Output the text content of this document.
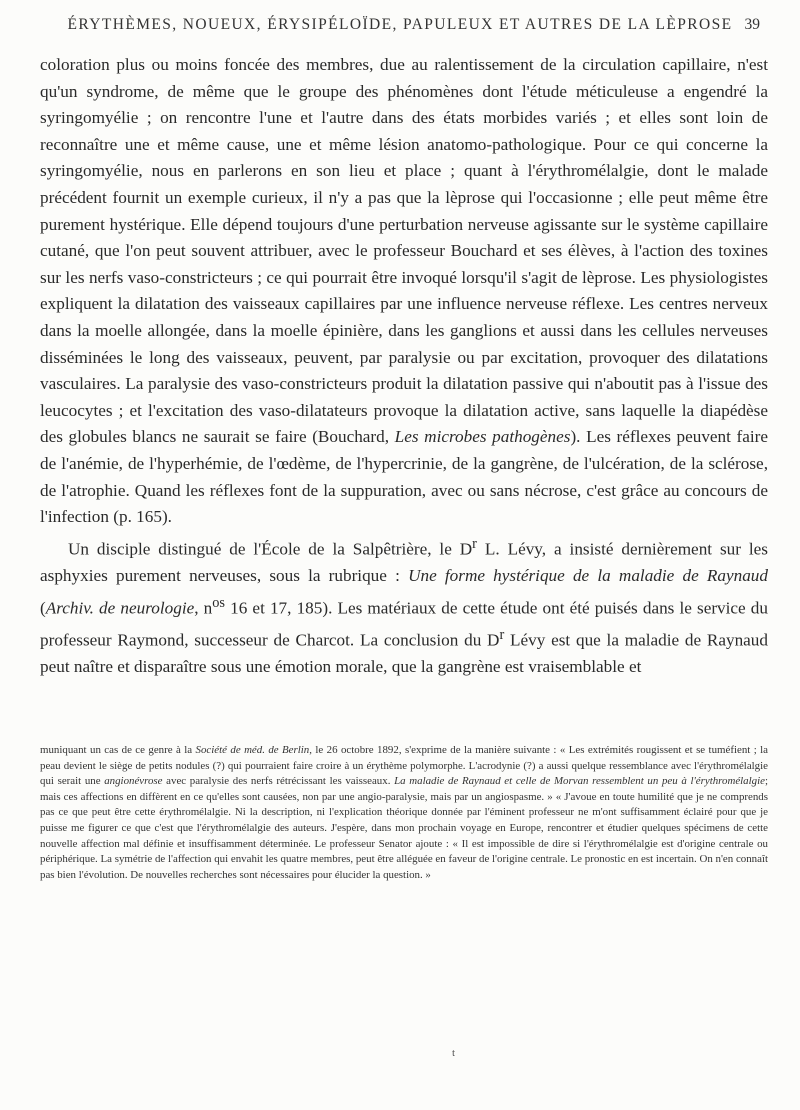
ÉRYTHÈMES, NOUEUX, ÉRYSIPÉLOÏDE, PAPULEUX ET AUTRES DE LA LÈPROSE 39

coloration plus ou moins foncée des membres, due au ralentissement de la circulation capillaire, n'est qu'un syndrome, de même que le groupe des phénomènes dont l'étude méticuleuse a engendré la syringomyélie ; on rencontre l'une et l'autre dans des états morbides variés ; et elles sont loin de reconnaître une et même cause, une et même lésion anatomo-pathologique. Pour ce qui concerne la syringomyélie, nous en parlerons en son lieu et place ; quant à l'érythromélalgie, dont le malade précédent fournit un exemple curieux, il n'y a pas que la lèprose qui l'occasionne ; elle peut même être purement hystérique. Elle dépend toujours d'une perturbation nerveuse agissante sur le système capillaire cutané, que l'on peut souvent attribuer, avec le professeur Bouchard et ses élèves, à l'action des toxines sur les nerfs vaso-constricteurs ; ce qui pourrait être invoqué lorsqu'il s'agit de lèprose. Les physiologistes expliquent la dilatation des vaisseaux capillaires par une influence nerveuse réflexe. Les centres nerveux dans la moelle allongée, dans la moelle épinière, dans les ganglions et aussi dans les cellules nerveuses disséminées le long des vaisseaux, peuvent, par paralysie ou par excitation, provoquer des dilatations vasculaires. La paralysie des vaso-constricteurs produit la dilatation passive qui n'aboutit pas à l'issue des leucocytes ; et l'excitation des vaso-dilatateurs provoque la dilatation active, sans laquelle la diapédèse des globules blancs ne saurait se faire (Bouchard, Les microbes pathogènes). Les réflexes peuvent faire de l'anémie, de l'hyperhémie, de l'œdème, de l'hypercrinie, de la gangrène, de l'ulcération, de la sclérose, de l'atrophie. Quand les réflexes font de la suppuration, avec ou sans nécrose, c'est grâce au concours de l'infection (p. 165).

Un disciple distingué de l'École de la Salpêtrière, le $D^r$ L. Lévy, a insisté dernièrement sur les asphyxies purement nerveuses, sous la rubrique : Une forme hystérique de la maladie de Raynaud (Archiv. de neurologie, $n^{os}$ 16 et 17, 185). Les matériaux de cette étude ont été puisés dans le service du professeur Raymond, successeur de Charcot. La conclusion du $D^r$ Lévy est que la maladie de Raynaud peut naître et disparaître sous une émotion morale, que la gangrène est vraisemblable et

muniquant un cas de ce genre à la Société de méd. de Berlin, le 26 octobre 1892, s'exprime de la manière suivante : « Les extrémités rougissent et se tuméfient ; la peau devient le siège de petits nodules (?) qui pourraient faire croire à un érythème polymorphe. L'acrodynie (?) a aussi quelque ressemblance avec l'érythromélalgie qui serait une angionévrose avec paralysie des nerfs rétrécissant les vaisseaux. La maladie de Raynaud et celle de Morvan ressemblent un peu à l'érythromélalgie; mais ces affections en diffèrent en ce qu'elles sont causées, non par une angio-paralysie, mais par un angiospasme. » « J'avoue en toute humilité que je ne comprends pas ce que peut être cette érythromélalgie. Ni la description, ni l'explication théorique donnée par l'éminent professeur ne m'ont suffisamment éclairé pour que je puisse me figurer ce que c'est que l'érythromélalgie des auteurs. J'espère, dans mon prochain voyage en Europe, rencontrer et étudier quelques spécimens de cette nouvelle affection mal définie et insuffisamment déterminée. Le professeur Senator ajoute : « Il est impossible de dire si l'érythromélalgie est d'origine centrale ou périphérique. La symétrie de l'affection qui envahit les quatre membres, peut être alléguée en faveur de l'origine centrale. Le pronostic en est incertain. On n'en connaît pas bien l'évolution. De nouvelles recherches sont nécessaires pour élucider la question. »

t
